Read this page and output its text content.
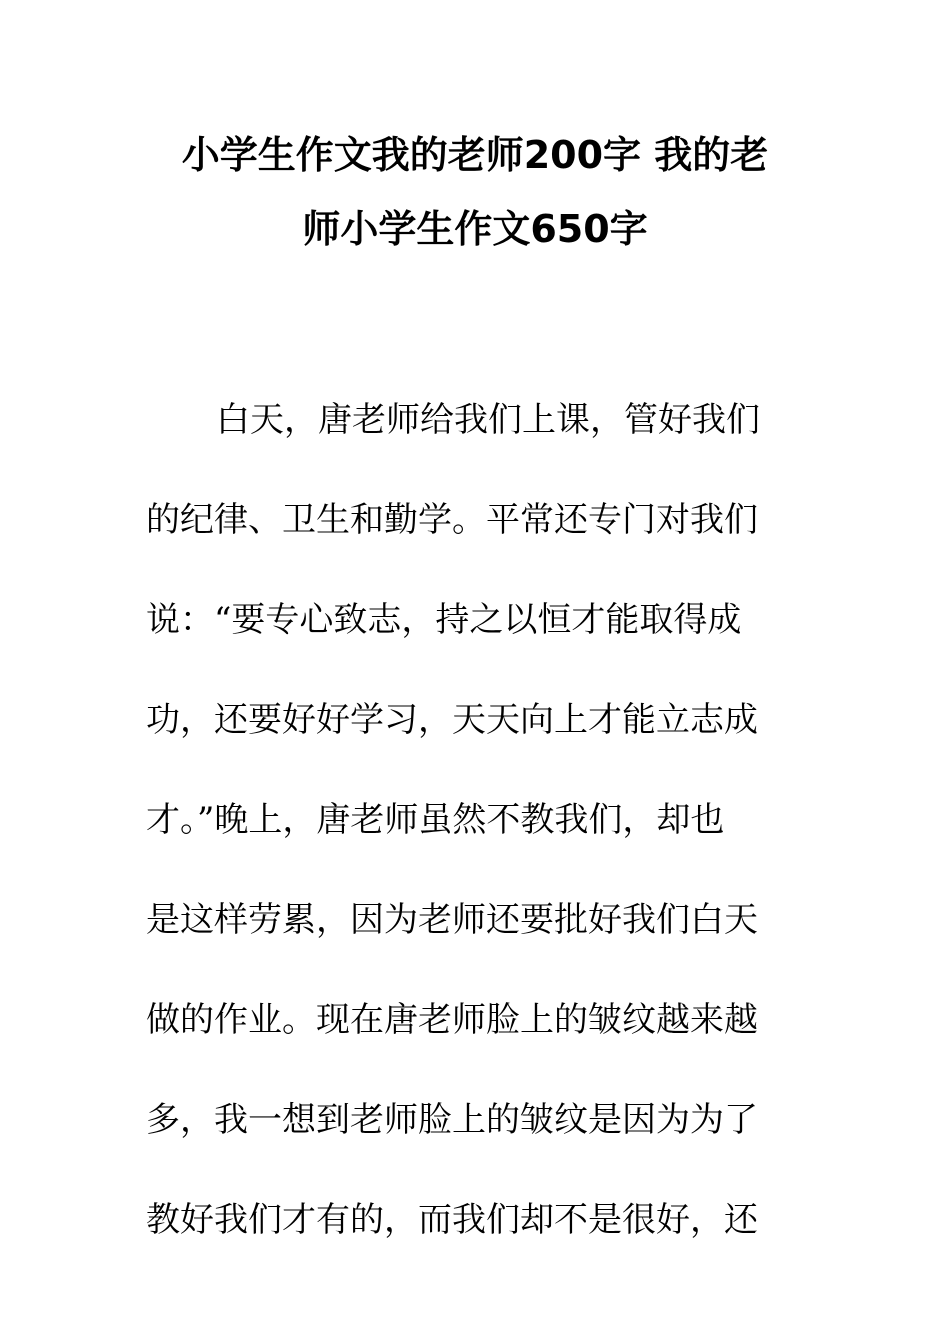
小学生作文我的老师200字 我的老
师小学生作文650字
白天，唐老师给我们上课，管好我们
的纪律、卫生和勤学。平常还专门对我们
说：“要专心致志，持之以恒才能取得成
功，还要好好学习，天天向上才能立志成
才。”晚上，唐老师虽然不教我们，却也
是这样劳累，因为老师还要批好我们白天
做的作业。现在唐老师脸上的皱纹越来越
多，我一想到老师脸上的皱纹是因为为了
教好我们才有的，而我们却不是很好，还
